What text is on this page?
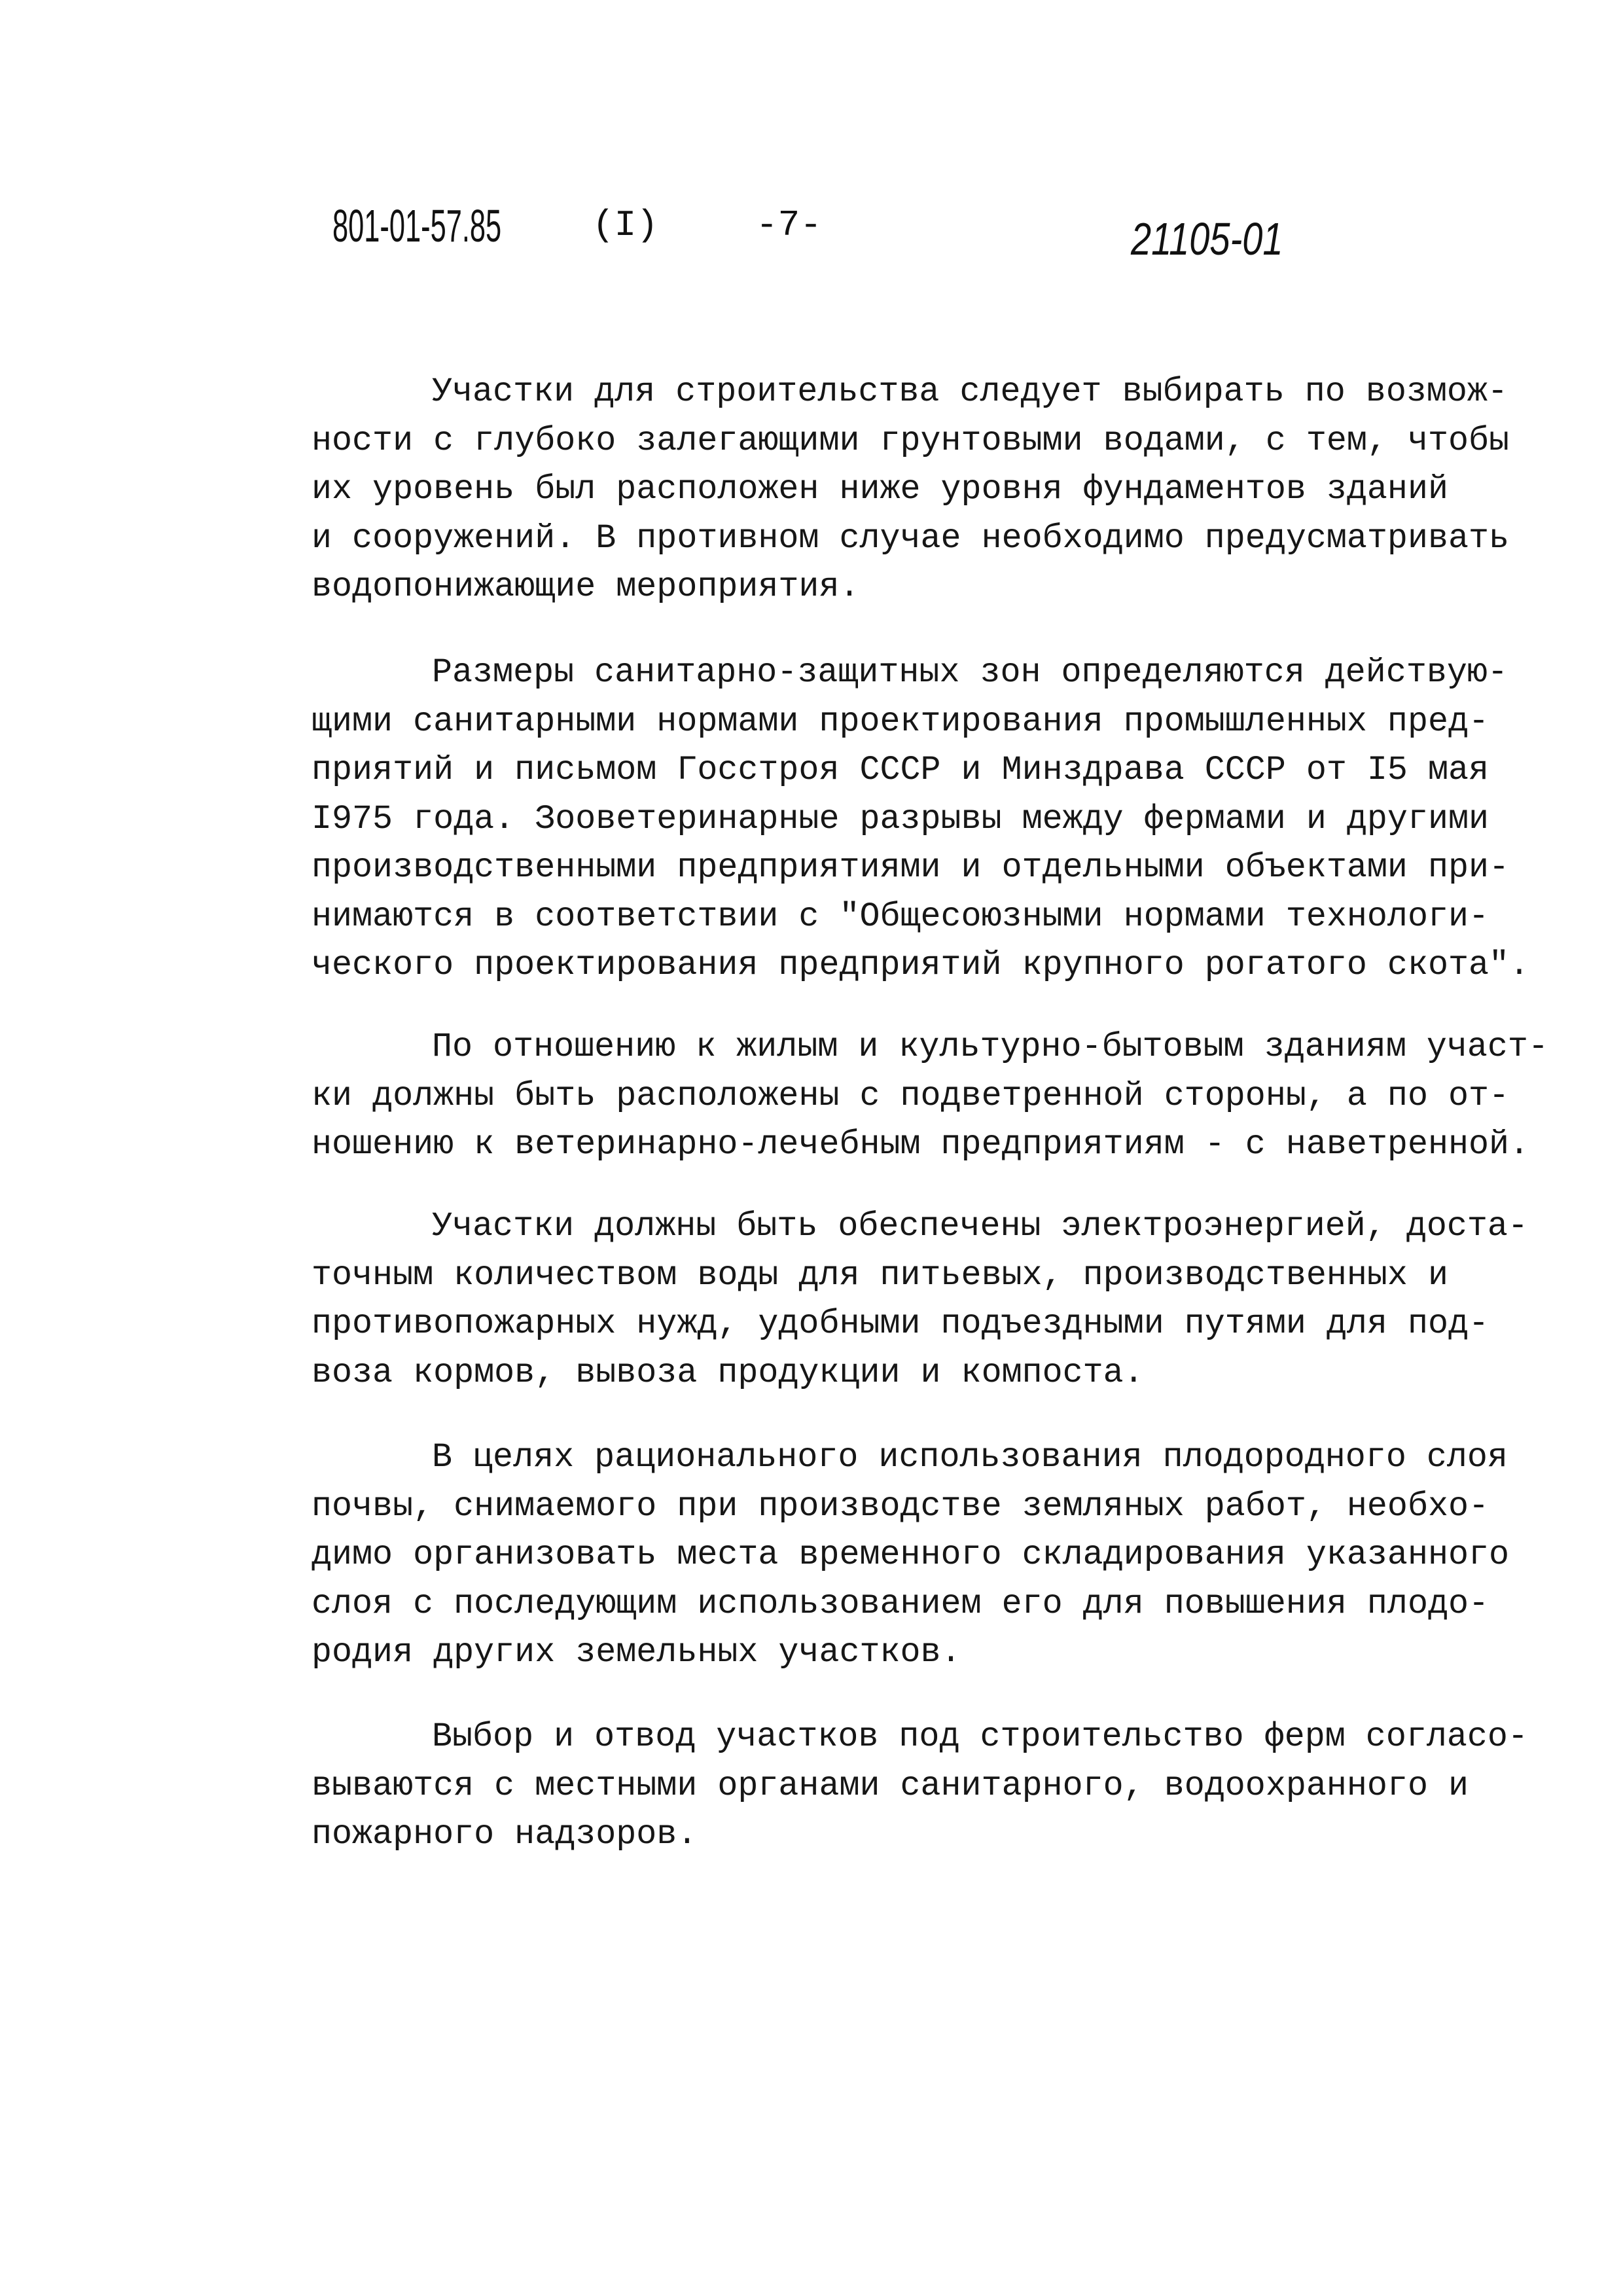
801-01-57.85 (I)	-7-	21105-01
Участки для строительства следует выбирать по возмож-
ности с глубоко залегающими грунтовыми водами, с тем, чтобы
их уровень был расположен ниже уровня фундаментов зданий
и сооружений. В противном случае необходимо предусматривать
водопонижающие мероприятия.
Размеры санитарно-защитных зон определяются действую-
щими санитарными нормами проектирования промышленных пред-
приятий и письмом Госстроя СССР и Минздрава СССР от I5 мая
I975 года. Зооветеринарные разрывы между фермами и другими
производственными предприятиями и отдельными объектами при-
нимаются в соответствии с "Общесоюзными нормами технологи-
ческого проектирования предприятий крупного рогатого скота".
По отношению к жилым и культурно-бытовым зданиям участ-
ки должны быть расположены с подветренной стороны, а по от-
ношению к ветеринарно-лечебным предприятиям - с наветренной.
Участки должны быть обеспечены электроэнергией, доста-
точным количеством воды для питьевых, производственных и
противопожарных нужд, удобными подъездными путями для под-
воза кормов, вывоза продукции и компоста.
В целях рационального использования плодородного слоя
почвы, снимаемого при производстве земляных работ, необхо-
димо организовать места временного складирования указанного
слоя с последующим использованием его для повышения плодо-
родия других земельных участков.
Выбор и отвод участков под строительство ферм согласо-
вываются с местными органами санитарного, водоохранного и
пожарного надзоров.
